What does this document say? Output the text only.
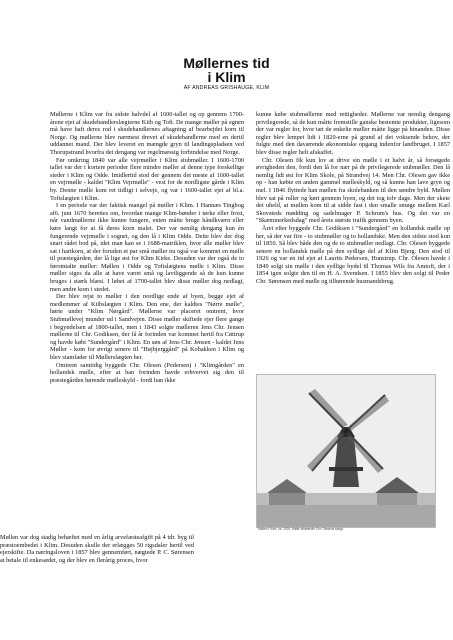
Møllernes tid
i Klim
AF ANDREAS GRISHAUGE, KLIM

Møllerne i Klim var fra sidste halvdel af 1600-tallet og op gennem 1700-årene ejet af skudehandlerslægterne Kiib og Toft. De mange møller på egnen må have haft deres rod i skudehandlernes aftagning af bearbejdet korn til Norge. Og møllerne blev nærmest drevet af skudehandlerne med en dertil uddannet mand. Der blev leveret en mængde gryn til landingspladsen ved Thorupstrand hvorfra det dengang var regelmæssig forbindelse med Norge.

Før omkring 1840 var alle vejrmøller i Klim stubmøller. I 1600-1700 tallet var der i kortere perioder flere mindre møller af denne type forskellige steder i Klim og Odde. Imidlertid stod der gennem det meste af 1600-tallet en vejrmølle - kaldet "Klim Vejrmølle" - vest for de nordligste gårde i Klim by. Denne mølle kom ret tidligt i selveje, og var i 1600-tallet ejet af bl.a. Toftslægten i Klim.

I en periode var der faktisk mangel på møller i Klim. I Hannæs Tingbog af6. juni 1670 berettes om, hvordan mange Klim-bønder i tørke eller frost, når vandmøllerne ikke kunne fungere, enten måtte bruge håndkværn eller køre langt for at få deres korn malet. Der var nemlig dengang kun én fungerende vejrmølle i sognet, og den lå i Klim Odde. Dette blev der dog snart rådet bod på, idet man kan se i 1688-matriklen, hvor alle møller blev sat i hartkorn, at der foruden et par små møller nu også var kommet en mølle til præstegården, der lå lige øst for Klim Kirke. Desuden var der også de to føromtalte møller: Møllen i Odde og Toftslægtens mølle i Klim. Disse møller siges da alle at have været små og lavtliggende så de kun kunne bruges i stærk blæst. I løbet af 1700-tallet blev disse møller dog nedlagt, men andre kom i stedet.

Der blev rejst to møller i den nordlige ende af byen, begge ejet af medlemmer af Kiibslægten i Klim. Den ene, der kaldtes "Nørre mølle", hørte under "Klim Nørgård". Møllerne var placeret omtrent, hvor Stubmøllevej munder ud i Sandvejen. Disse møller skiftede ejer flere gange i begyndelsen af 1800-tallet, men i 1843 solgte mølleren Jens Chr. Jensen møllerne til Chr. Godiksen, der få år forinden var kommet hertil fra Cøttrup og havde købt "Sundergård" i Klim. En søn af Jens Chr. Jensen - kaldet Jens Møller - kom for øvrigt senere til "Højbjerggård" på Kobakken i Klim og blev stamfader til Møllerslægten her.

Omtrent samtidig byggede Chr. Olesen (Pedersen) i "Klimgården" en hollandsk mølle, efter at han forinden havde erhvervet sig den til præstegården hørende mølleskyld - fordi han ikke

kunne købe stubmøllerne med rettigheder. Møllerne var nemlig dengang privilegerede, så de kun måtte fremstille ganske bestemte produkter, ligesom der var regler for, hvor tæt de enkelte møller måtte ligge på hinanden. Disse regler blev lempet lidt i 1820-erne på grund af det voksende behov, der fulgte med den daværende økonomiske opgang indenfor landbruget. I 1857 blev disse regler helt afskaffet.

Chr. Olesen fik kun lov at drive sin mølle i et halvt år, så forsøgede øvrigheden den, fordi den lå for nær på de privilegerede stubmøller. Den lå nemlig lidt øst for Klim Skole, på Strandvej 14. Men Chr. Olesen gav ikke op - han købte en anden gammel mølleskyld, og så kunne han lave gryn og mel. I 1846 flyttede han møllen fra skolebanken til den søndre byld. Møllen blev sat på ruller og kørt gennem byen, og det tog tolv dage. Men der skete det uheld, at møllen kom til at sidde fast i den smalle smøge mellem Karl Skovsteds mødding og sadelmager P. Schrum's hus. Og det var en "Skæmmerkedsdag" med årets største trafik gennem byen.

Året efter byggede Chr. Godiksen i "Sundergård" en hollandsk mølle op her, så der var fire - to stubmøller og to hollandske. Men den sidste stod kun til 1850. Så blev både den og de to stubmøller nedlagt. Chr. Olesen byggede senere en hollandsk mølle på den sydlige del af Klim Bjerg. Den stod til 1926 og var en tid ejet af Laurits Pedersen, Hunstrup. Chr. Olesen havde i 1849 solgt sin mølle i den sydlige bydel til Thomas Wils fra Amtoft, der i 1854 igen solgte den til en H. A. Svendsen. I 1855 blev den solgt til Peder Chr. Sørensen med mølle og tilhørende husmandsbrug.

Møllen i Klim, ca. 1920. Mølle tilhørende Chr. Olesens slægt.

Møllen var dog stadig behæftet med en årlig arvefæsteafgift på 4 tdr. byg til præstoembedet i Klim. Desuden skulle der erlægges 50 rigsdaler hertil ved ejerskifte. Da næringsloven i 1857 blev gennemført, nægtede P. C. Sørensen at betale til enkesædet, og der blev en flerårig proces, hvor
